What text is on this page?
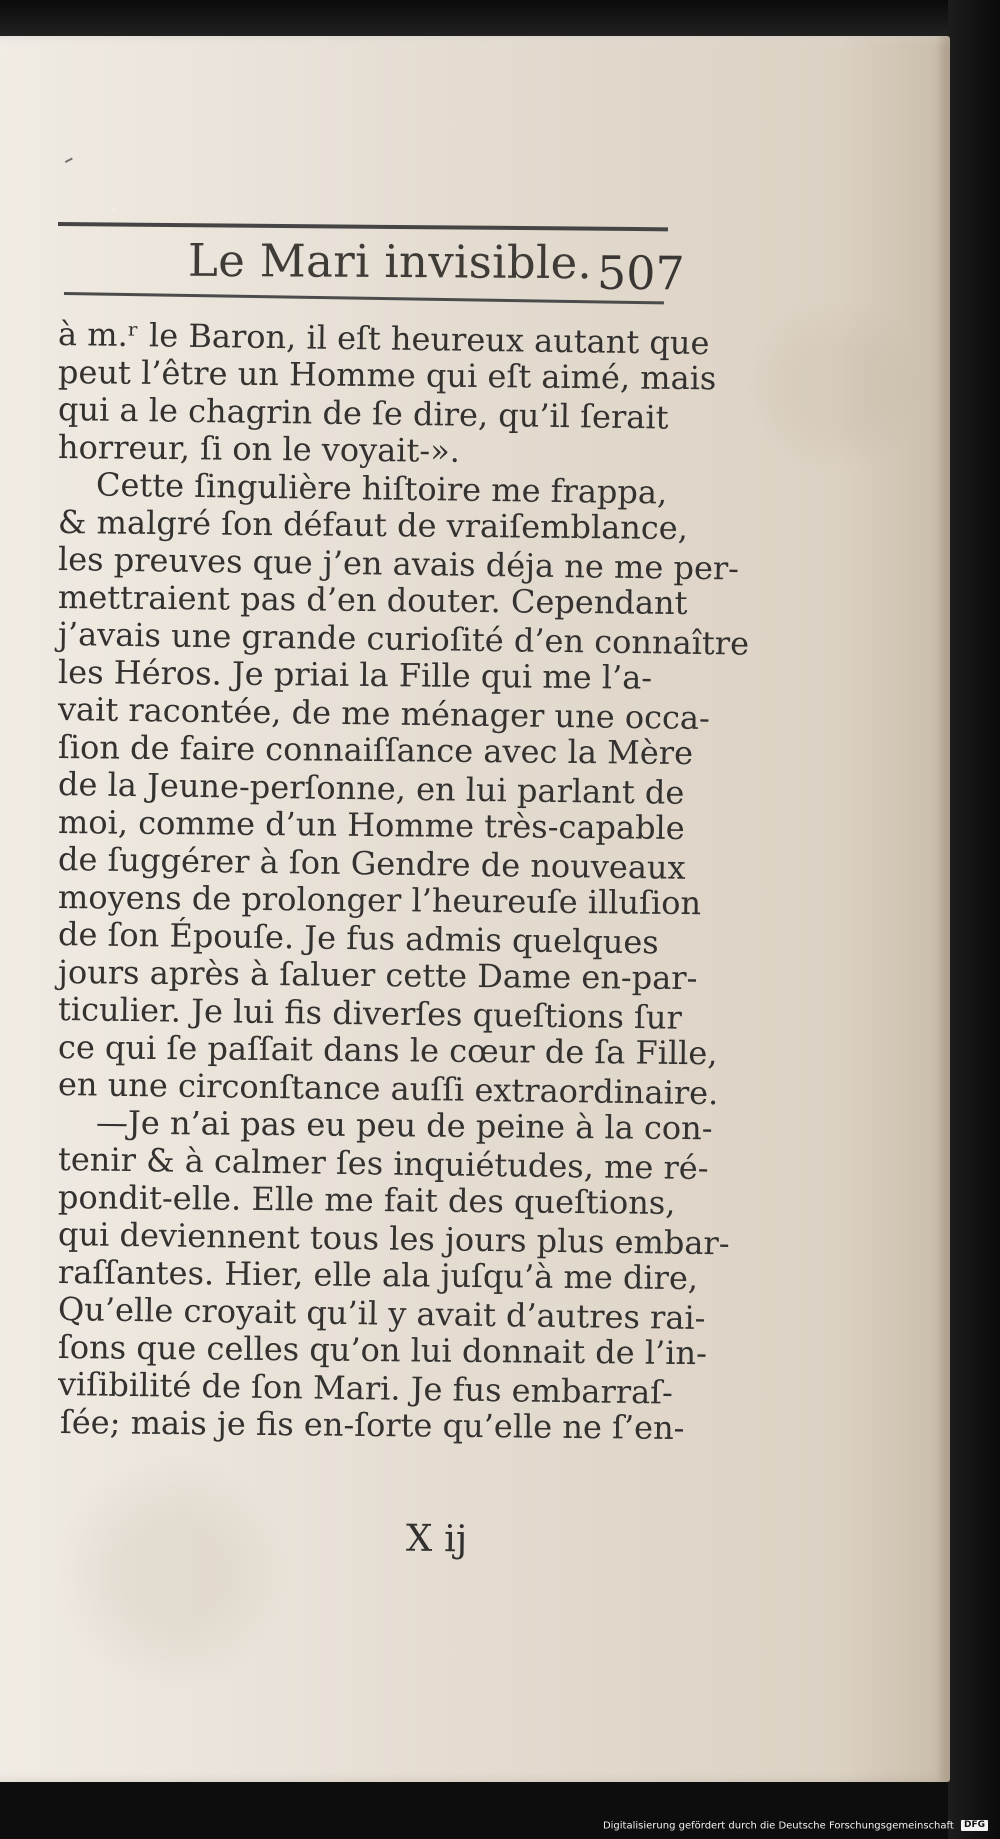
Le Mari invisible. 507
à m.ʳ le Baron, il eſt heureux autant que
peut l’être un Homme qui eſt aimé, mais
qui a le chagrin de ſe dire, qu’il ſerait
horreur, ſi on le voyait-».
Cette ſingulière hiſtoire me frappa,
& malgré ſon défaut de vraiſemblance,
les preuves que j’en avais déja ne me per-
mettraient pas d’en douter. Cependant
j’avais une grande curioſité d’en connaître
les Héros. Je priai la Fille qui me l’a-
vait racontée, de me ménager une occa-
ſion de faire connaiſſance avec la Mère
de la Jeune-perſonne, en lui parlant de
moi, comme d’un Homme très-capable
de ſuggérer à ſon Gendre de nouveaux
moyens de prolonger l’heureuſe illuſion
de ſon Épouſe. Je fus admis quelques
jours après à ſaluer cette Dame en-par-
ticulier. Je lui fis diverſes queſtions ſur
ce qui ſe paſſait dans le cœur de ſa Fille,
en une circonſtance auſſi extraordinaire.
—Je n’ai pas eu peu de peine à la con-
tenir & à calmer ſes inquiétudes, me ré-
pondit-elle. Elle me fait des queſtions,
qui deviennent tous les jours plus embar-
raſſantes. Hier, elle ala juſqu’à me dire,
Qu’elle croyait qu’il y avait d’autres rai-
ſons que celles qu’on lui donnait de l’in-
viſibilité de ſon Mari. Je fus embarraſ-
ſée; mais je fis en-ſorte qu’elle ne ſ’en-
X ij
Digitalisierung gefördert durch die Deutsche Forschungsgemeinschaft DFG
